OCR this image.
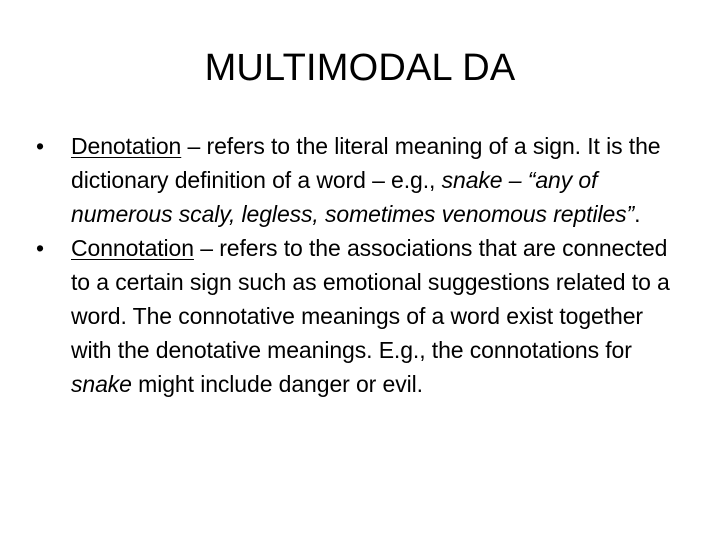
MULTIMODAL DA
•	Denotation – refers to the literal meaning of a sign. It is the dictionary definition of a word – e.g., snake – “any of numerous scaly, legless, sometimes venomous reptiles”.
•	Connotation – refers to the associations that are connected to a certain sign such as emotional suggestions related to a word. The connotative meanings of a word exist together with the denotative meanings. E.g., the connotations for snake might include danger or evil.
